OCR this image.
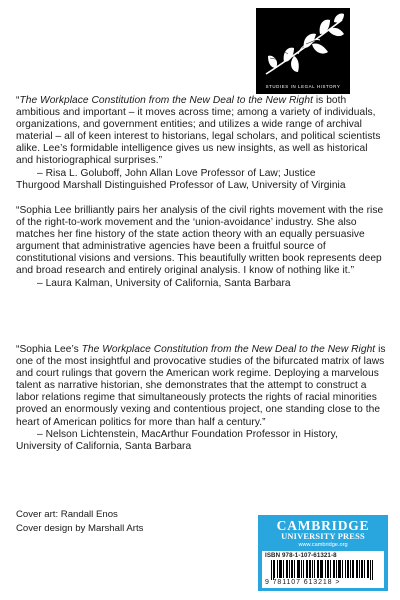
STUDIES IN LEGAL HISTORY

“The Workplace Constitution from the New Deal to the New Right is both ambitious and important – it moves across time; among a variety of individuals, organizations, and government entities; and utilizes a wide range of archival material – all of keen interest to historians, legal scholars, and political scientists alike. Lee’s formidable intelligence gives us new insights, as well as historical and historiographical surprises.”

– Risa L. Goluboff, John Allan Love Professor of Law; Justice

Thurgood Marshall Distinguished Professor of Law, University of Virginia

“Sophia Lee brilliantly pairs her analysis of the civil rights movement with the rise of the right-to-work movement and the ‘union-avoidance’ industry. She also matches her fine history of the state action theory with an equally persuasive argument that administrative agencies have been a fruitful source of constitutional visions and versions. This beautifully written book represents deep and broad research and entirely original analysis. I know of nothing like it.”

– Laura Kalman, University of California, Santa Barbara

“Sophia Lee’s The Workplace Constitution from the New Deal to the New Right is one of the most insightful and provocative studies of the bifurcated matrix of laws and court rulings that govern the American work regime. Deploying a marvelous talent as narrative historian, she demonstrates that the attempt to construct a labor relations regime that simultaneously protects the rights of racial minorities proved an enormously vexing and contentious project, one standing close to the heart of American politics for more than half a century.”

– Nelson Lichtenstein, MacArthur Foundation Professor in History,

University of California, Santa Barbara

Cover art: Randall Enos
Cover design by Marshall Arts	CAMBRIDGE
UNIVERSITY PRESS
www.cambridge.org
ISBN 978-1-107-61321-8
9 781107 613218 >
